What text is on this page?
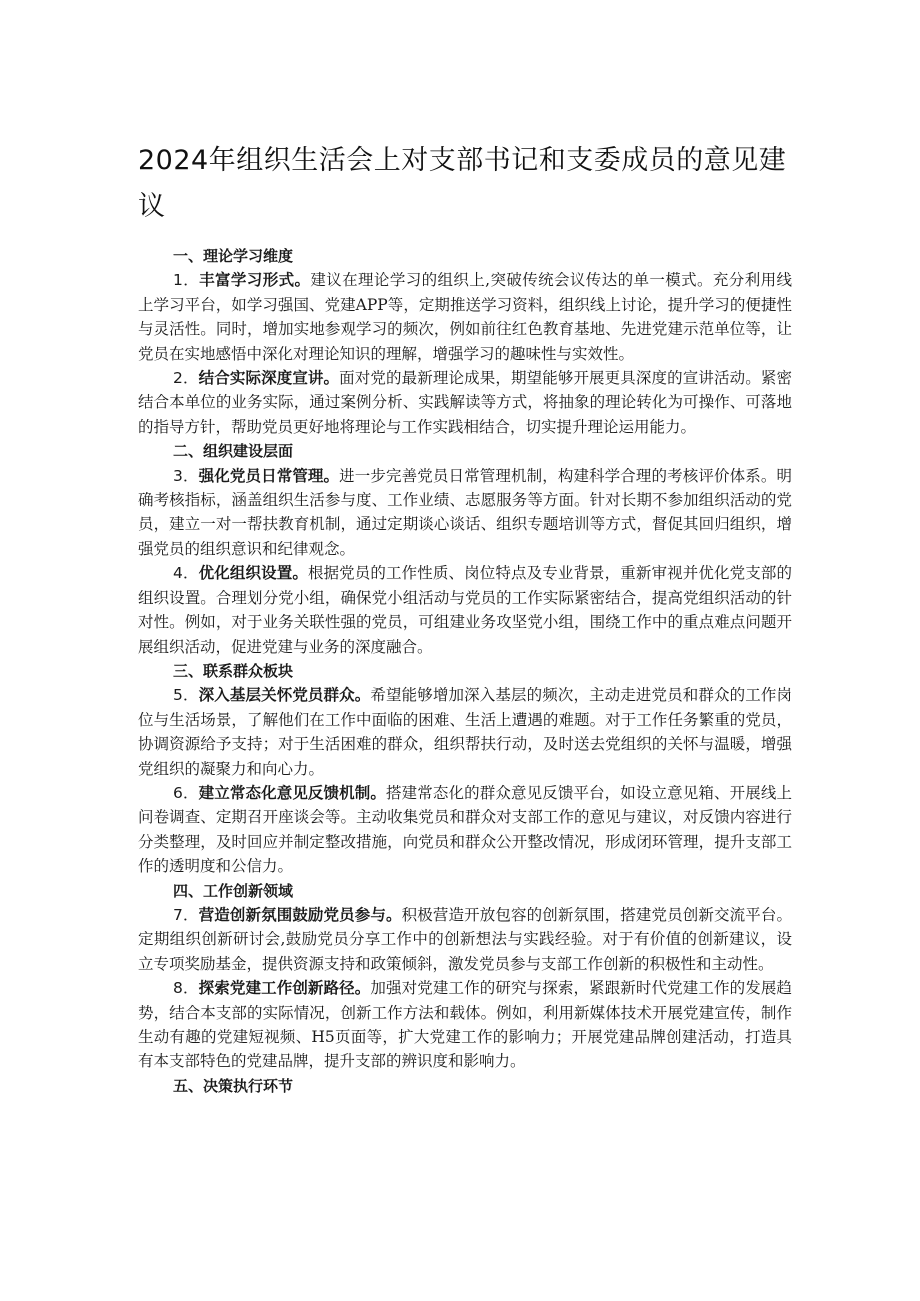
2024年组织生活会上对支部书记和支委成员的意见建议

一、理论学习维度

1．丰富学习形式。建议在理论学习的组织上,突破传统会议传达的单一模式。充分利用线上学习平台，如学习强国、党建APP等，定期推送学习资料，组织线上讨论，提升学习的便捷性与灵活性。同时，增加实地参观学习的频次，例如前往红色教育基地、先进党建示范单位等，让党员在实地感悟中深化对理论知识的理解，增强学习的趣味性与实效性。

2．结合实际深度宣讲。面对党的最新理论成果，期望能够开展更具深度的宣讲活动。紧密结合本单位的业务实际，通过案例分析、实践解读等方式，将抽象的理论转化为可操作、可落地的指导方针，帮助党员更好地将理论与工作实践相结合，切实提升理论运用能力。

二、组织建设层面

3．强化党员日常管理。进一步完善党员日常管理机制，构建科学合理的考核评价体系。明确考核指标，涵盖组织生活参与度、工作业绩、志愿服务等方面。针对长期不参加组织活动的党员，建立一对一帮扶教育机制，通过定期谈心谈话、组织专题培训等方式，督促其回归组织，增强党员的组织意识和纪律观念。

4．优化组织设置。根据党员的工作性质、岗位特点及专业背景，重新审视并优化党支部的组织设置。合理划分党小组，确保党小组活动与党员的工作实际紧密结合，提高党组织活动的针对性。例如，对于业务关联性强的党员，可组建业务攻坚党小组，围绕工作中的重点难点问题开展组织活动，促进党建与业务的深度融合。

三、联系群众板块

5．深入基层关怀党员群众。希望能够增加深入基层的频次，主动走进党员和群众的工作岗位与生活场景，了解他们在工作中面临的困难、生活上遭遇的难题。对于工作任务繁重的党员，协调资源给予支持；对于生活困难的群众，组织帮扶行动，及时送去党组织的关怀与温暖，增强党组织的凝聚力和向心力。

6．建立常态化意见反馈机制。搭建常态化的群众意见反馈平台，如设立意见箱、开展线上问卷调查、定期召开座谈会等。主动收集党员和群众对支部工作的意见与建议，对反馈内容进行分类整理，及时回应并制定整改措施，向党员和群众公开整改情况，形成闭环管理，提升支部工作的透明度和公信力。

四、工作创新领域

7．营造创新氛围鼓励党员参与。积极营造开放包容的创新氛围，搭建党员创新交流平台。定期组织创新研讨会,鼓励党员分享工作中的创新想法与实践经验。对于有价值的创新建议，设立专项奖励基金，提供资源支持和政策倾斜，激发党员参与支部工作创新的积极性和主动性。

8．探索党建工作创新路径。加强对党建工作的研究与探索，紧跟新时代党建工作的发展趋势，结合本支部的实际情况，创新工作方法和载体。例如，利用新媒体技术开展党建宣传，制作生动有趣的党建短视频、H5页面等，扩大党建工作的影响力；开展党建品牌创建活动，打造具有本支部特色的党建品牌，提升支部的辨识度和影响力。

五、决策执行环节
